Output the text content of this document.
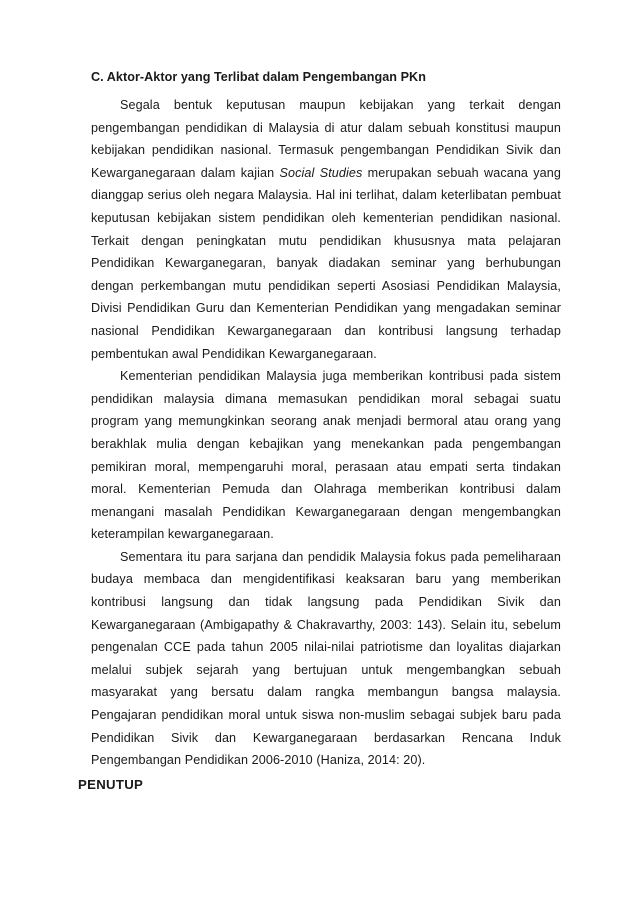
C. Aktor-Aktor yang Terlibat dalam Pengembangan PKn
Segala bentuk keputusan maupun kebijakan yang terkait dengan
pengembangan pendidikan di Malaysia di atur dalam sebuah konstitusi maupun
kebijakan pendidikan nasional. Termasuk pengembangan Pendidikan Sivik dan
Kewarganegaraan dalam kajian Social Studies merupakan sebuah wacana yang
dianggap serius oleh negara Malaysia. Hal ini terlihat, dalam keterlibatan pembuat
keputusan kebijakan sistem pendidikan oleh kementerian pendidikan nasional.
Terkait dengan peningkatan mutu pendidikan khususnya mata pelajaran
Pendidikan Kewarganegaran, banyak diadakan seminar yang berhubungan
dengan perkembangan mutu pendidikan seperti Asosiasi Pendidikan Malaysia,
Divisi Pendidikan Guru dan Kementerian Pendidikan yang mengadakan seminar
nasional Pendidikan Kewarganegaraan dan kontribusi langsung terhadap
pembentukan awal Pendidikan Kewarganegaraan.
Kementerian pendidikan Malaysia juga memberikan kontribusi pada sistem
pendidikan malaysia dimana memasukan pendidikan moral sebagai suatu
program yang memungkinkan seorang anak menjadi bermoral atau orang yang
berakhlak mulia dengan kebajikan yang menekankan pada pengembangan
pemikiran moral, mempengaruhi moral, perasaan atau empati serta tindakan
moral. Kementerian Pemuda dan Olahraga memberikan kontribusi dalam
menangani masalah Pendidikan Kewarganegaraan dengan mengembangkan
keterampilan kewarganegaraan.
Sementara itu para sarjana dan pendidik Malaysia fokus pada pemeliharaan
budaya membaca dan mengidentifikasi keaksaran baru yang memberikan
kontribusi langsung dan tidak langsung pada Pendidikan Sivik dan
Kewarganegaraan (Ambigapathy & Chakravarthy, 2003: 143). Selain itu, sebelum
pengenalan CCE pada tahun 2005 nilai-nilai patriotisme dan loyalitas diajarkan
melalui subjek sejarah yang bertujuan untuk mengembangkan sebuah
masyarakat yang bersatu dalam rangka membangun bangsa malaysia.
Pengajaran pendidikan moral untuk siswa non-muslim sebagai subjek baru pada
Pendidikan Sivik dan Kewarganegaraan berdasarkan Rencana Induk
Pengembangan Pendidikan 2006-2010 (Haniza, 2014: 20).
PENUTUP
